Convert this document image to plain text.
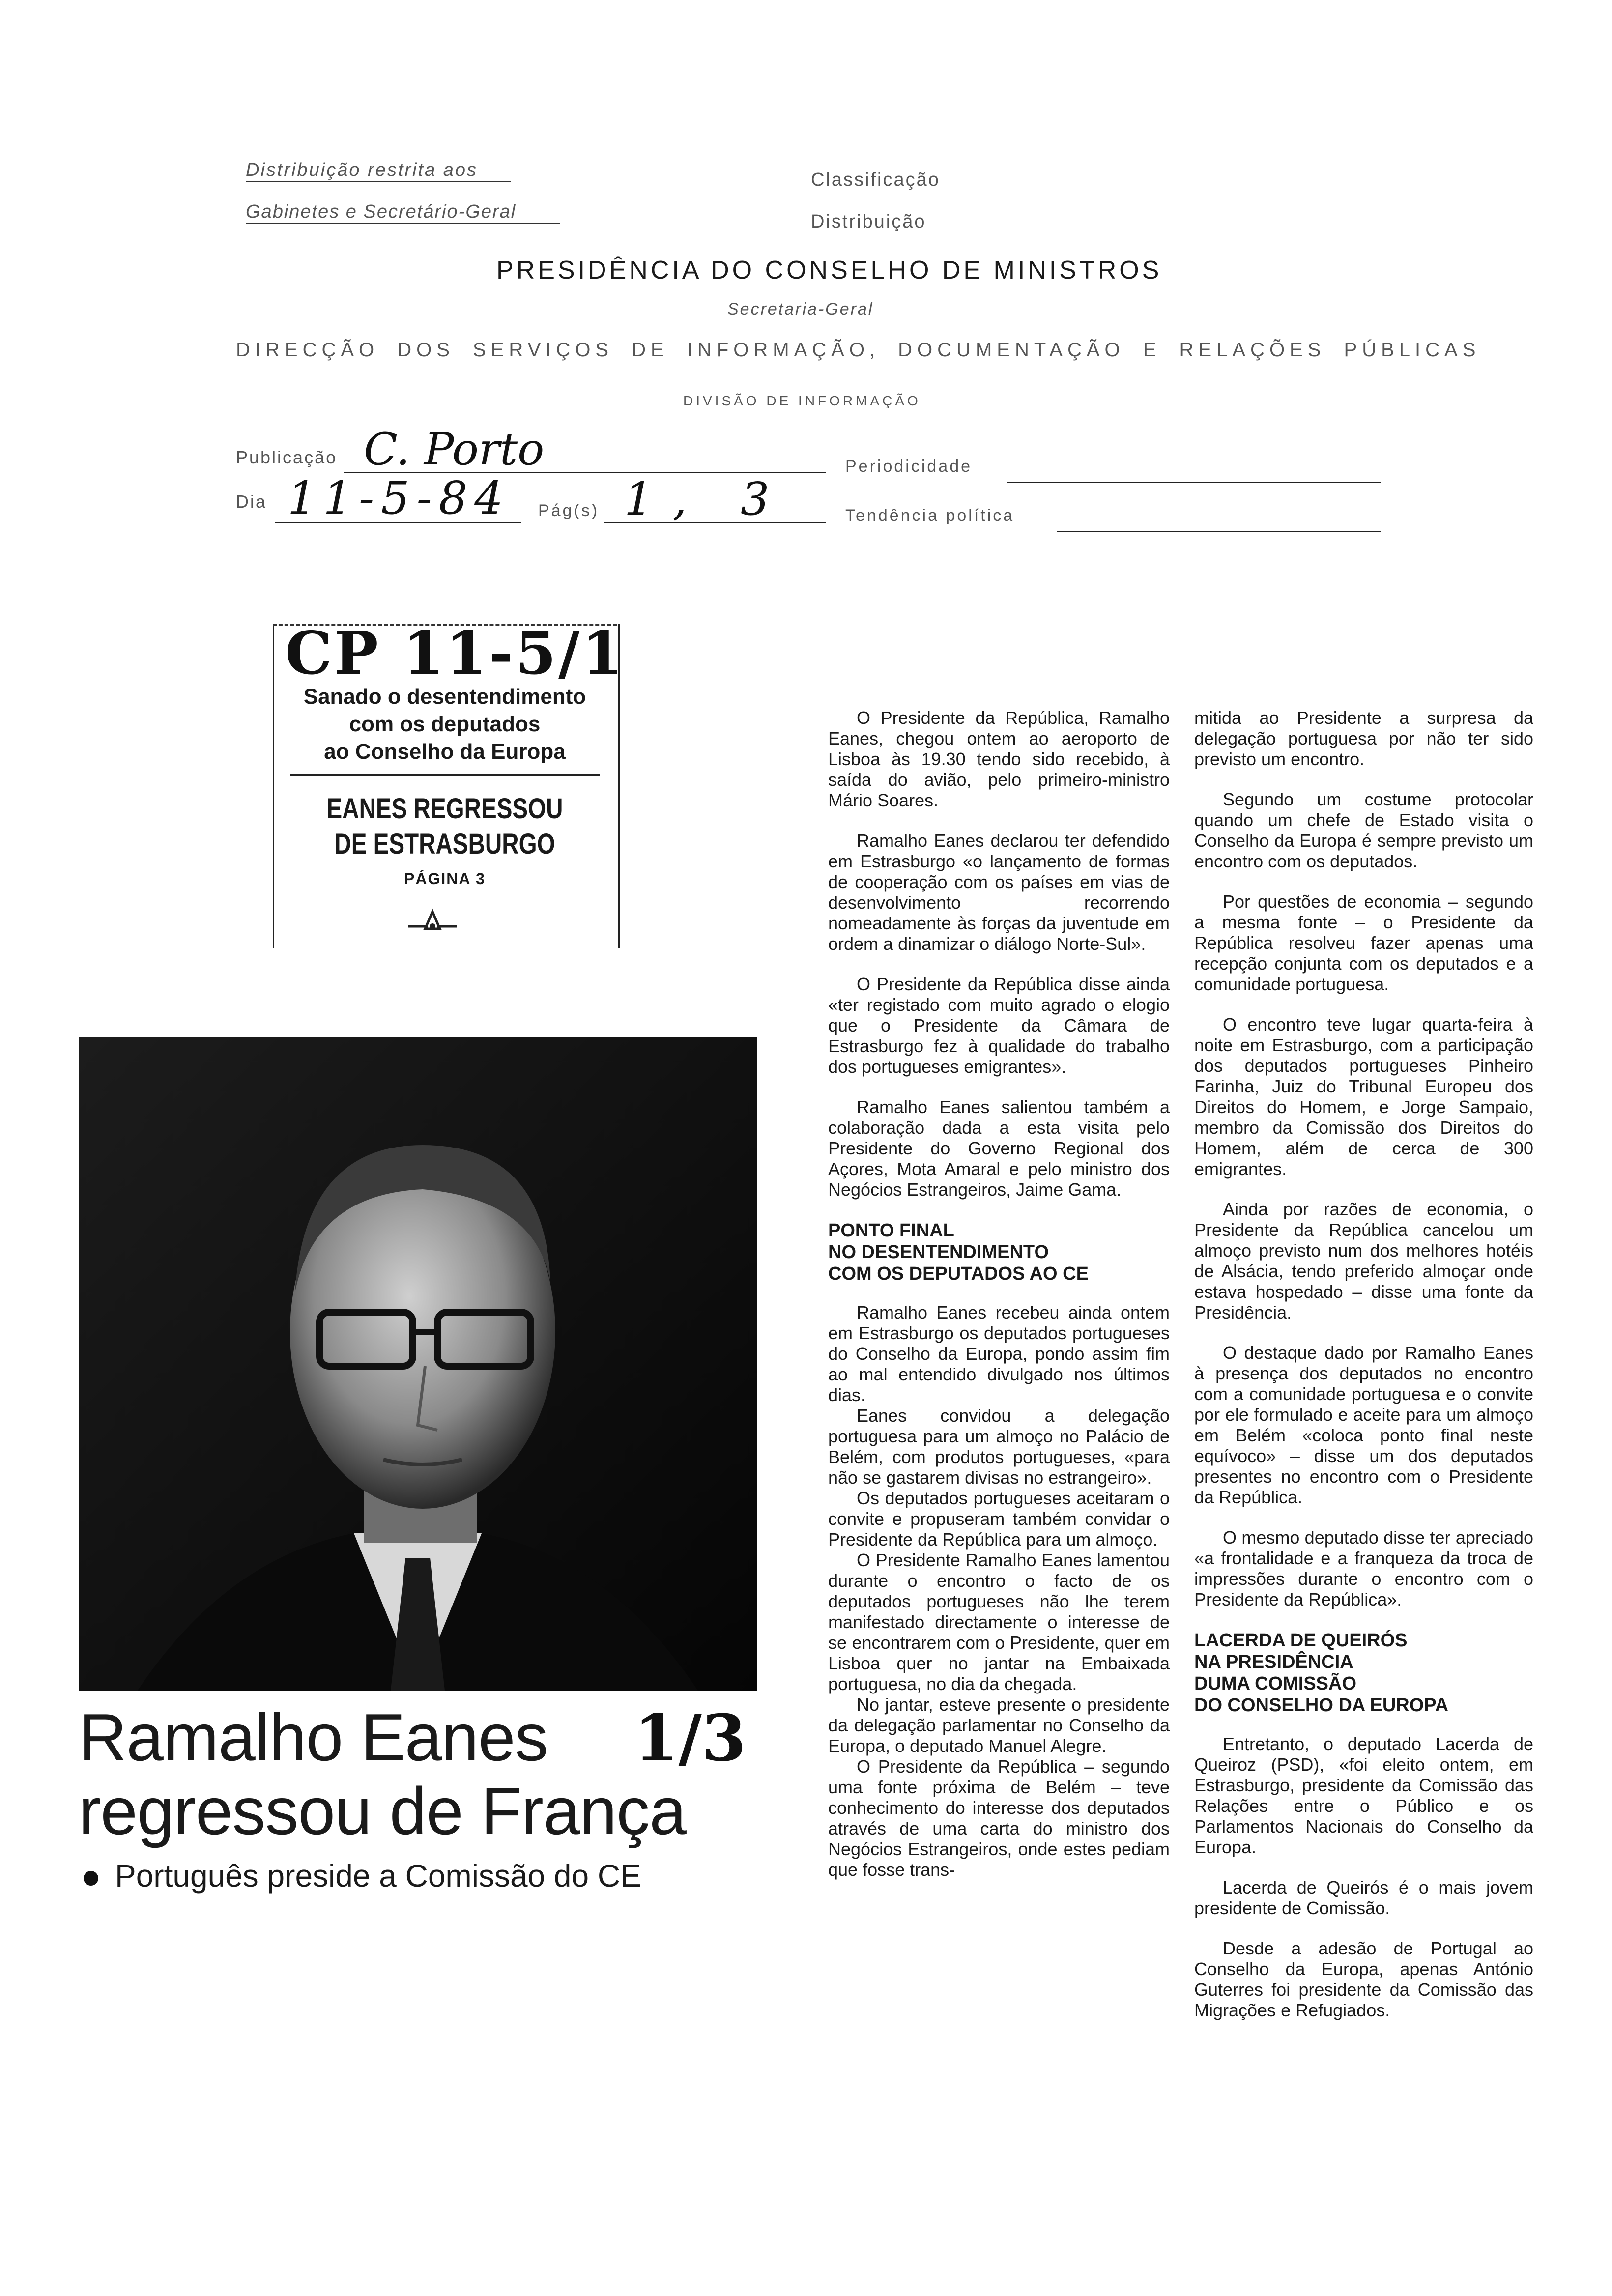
Distribuição restrita aos
Gabinetes e Secretário-Geral
Classificação
Distribuição
PRESIDÊNCIA DO CONSELHO DE MINISTROS
Secretaria-Geral
DIRECÇÃO DOS SERVIÇOS DE INFORMAÇÃO, DOCUMENTAÇÃO E RELAÇÕES PÚBLICAS
DIVISÃO DE INFORMAÇÃO
Publicação C. Porto	Periodicidade
Dia 11-5-84 Pág(s) 1, 3	Tendência política
CP 11-5/1
Sanado o desentendimento
com os deputados
ao Conselho da Europa
EANES REGRESSOU
DE ESTRASBURGO
PÁGINA 3
Ramalho Eanes
regressou de França
1/3
Português preside a Comissão do CE

O Presidente da República, Ramalho Eanes, chegou ontem ao aeroporto de Lisboa às 19.30 tendo sido recebido, à saída do avião, pelo primeiro-ministro Mário Soares.

Ramalho Eanes declarou ter defendido em Estrasburgo «o lançamento de formas de cooperação com os países em vias de desenvolvimento recorrendo nomeadamente às forças da juventude em ordem a dinamizar o diálogo Norte-Sul».

O Presidente da República disse ainda «ter registado com muito agrado o elogio que o Presidente da Câmara de Estrasburgo fez à qualidade do trabalho dos portugueses emigrantes».

Ramalho Eanes salientou também a colaboração dada a esta visita pelo Presidente do Governo Regional dos Açores, Mota Amaral e pelo ministro dos Negócios Estrangeiros, Jaime Gama.

PONTO FINAL
NO DESENTENDIMENTO
COM OS DEPUTADOS AO CE

Ramalho Eanes recebeu ainda ontem em Estrasburgo os deputados portugueses do Conselho da Europa, pondo assim fim ao mal entendido divulgado nos últimos dias.

Eanes convidou a delegação portuguesa para um almoço no Palácio de Belém, com produtos portugueses, «para não se gastarem divisas no estrangeiro».

Os deputados portugueses aceitaram o convite e propuseram também convidar o Presidente da República para um almoço.

O Presidente Ramalho Eanes lamentou durante o encontro o facto de os deputados portugueses não lhe terem manifestado directamente o interesse de se encontrarem com o Presidente, quer em Lisboa quer no jantar na Embaixada portuguesa, no dia da chegada.

No jantar, esteve presente o presidente da delegação parlamentar no Conselho da Europa, o deputado Manuel Alegre.

O Presidente da República – segundo uma fonte próxima de Belém – teve conhecimento do interesse dos deputados através de uma carta do ministro dos Negócios Estrangeiros, onde estes pediam que fosse trans-

mitida ao Presidente a surpresa da delegação portuguesa por não ter sido previsto um encontro.

Segundo um costume protocolar quando um chefe de Estado visita o Conselho da Europa é sempre previsto um encontro com os deputados.

Por questões de economia – segundo a mesma fonte – o Presidente da República resolveu fazer apenas uma recepção conjunta com os deputados e a comunidade portuguesa.

O encontro teve lugar quarta-feira à noite em Estrasburgo, com a participação dos deputados portugueses Pinheiro Farinha, Juiz do Tribunal Europeu dos Direitos do Homem, e Jorge Sampaio, membro da Comissão dos Direitos do Homem, além de cerca de 300 emigrantes.

Ainda por razões de economia, o Presidente da República cancelou um almoço previsto num dos melhores hotéis de Alsácia, tendo preferido almoçar onde estava hospedado – disse uma fonte da Presidência.

O destaque dado por Ramalho Eanes à presença dos deputados no encontro com a comunidade portuguesa e o convite por ele formulado e aceite para um almoço em Belém «coloca ponto final neste equívoco» – disse um dos deputados presentes no encontro com o Presidente da República.

O mesmo deputado disse ter apreciado «a frontalidade e a franqueza da troca de impressões durante o encontro com o Presidente da República».

LACERDA DE QUEIRÓS
NA PRESIDÊNCIA
DUMA COMISSÃO
DO CONSELHO DA EUROPA

Entretanto, o deputado Lacerda de Queiroz (PSD), «foi eleito ontem, em Estrasburgo, presidente da Comissão das Relações entre o Público e os Parlamentos Nacionais do Conselho da Europa.

Lacerda de Queirós é o mais jovem presidente de Comissão.

Desde a adesão de Portugal ao Conselho da Europa, apenas António Guterres foi presidente da Comissão das Migrações e Refugiados.
